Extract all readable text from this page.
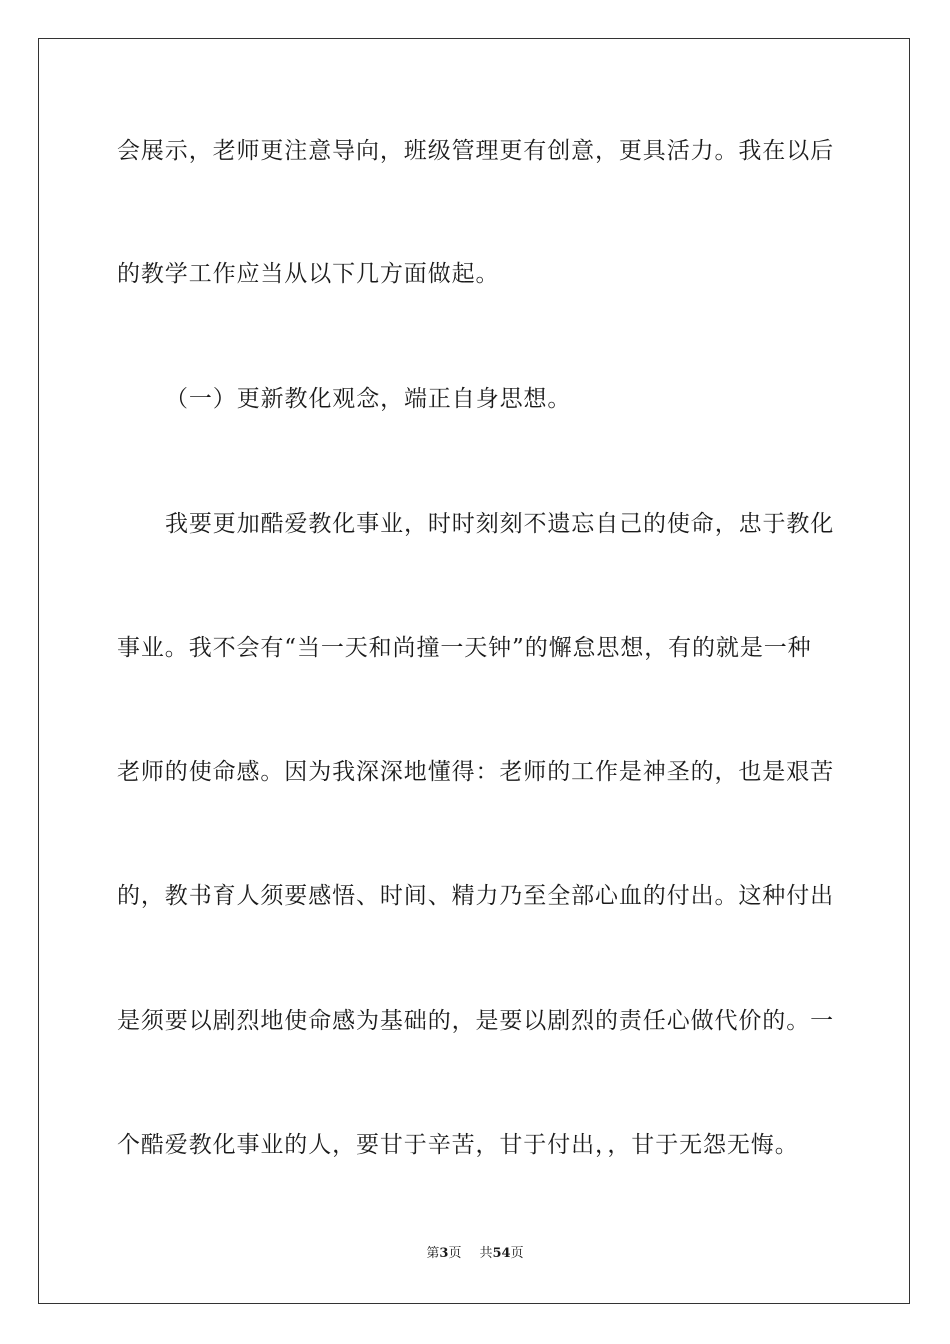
会展示，老师更注意导向，班级管理更有创意，更具活力。我在以后
的教学工作应当从以下几方面做起。
（一）更新教化观念，端正自身思想。
我要更加酷爱教化事业，时时刻刻不遗忘自己的使命，忠于教化
事业。我不会有“当一天和尚撞一天钟”的懈怠思想，有的就是一种
老师的使命感。因为我深深地懂得：老师的工作是神圣的，也是艰苦
的，教书育人须要感悟、时间、精力乃至全部心血的付出。这种付出
是须要以剧烈地使命感为基础的，是要以剧烈的责任心做代价的。一
个酷爱教化事业的人，要甘于辛苦，甘于付出，，甘于无怨无悔。
第3页 共54页
